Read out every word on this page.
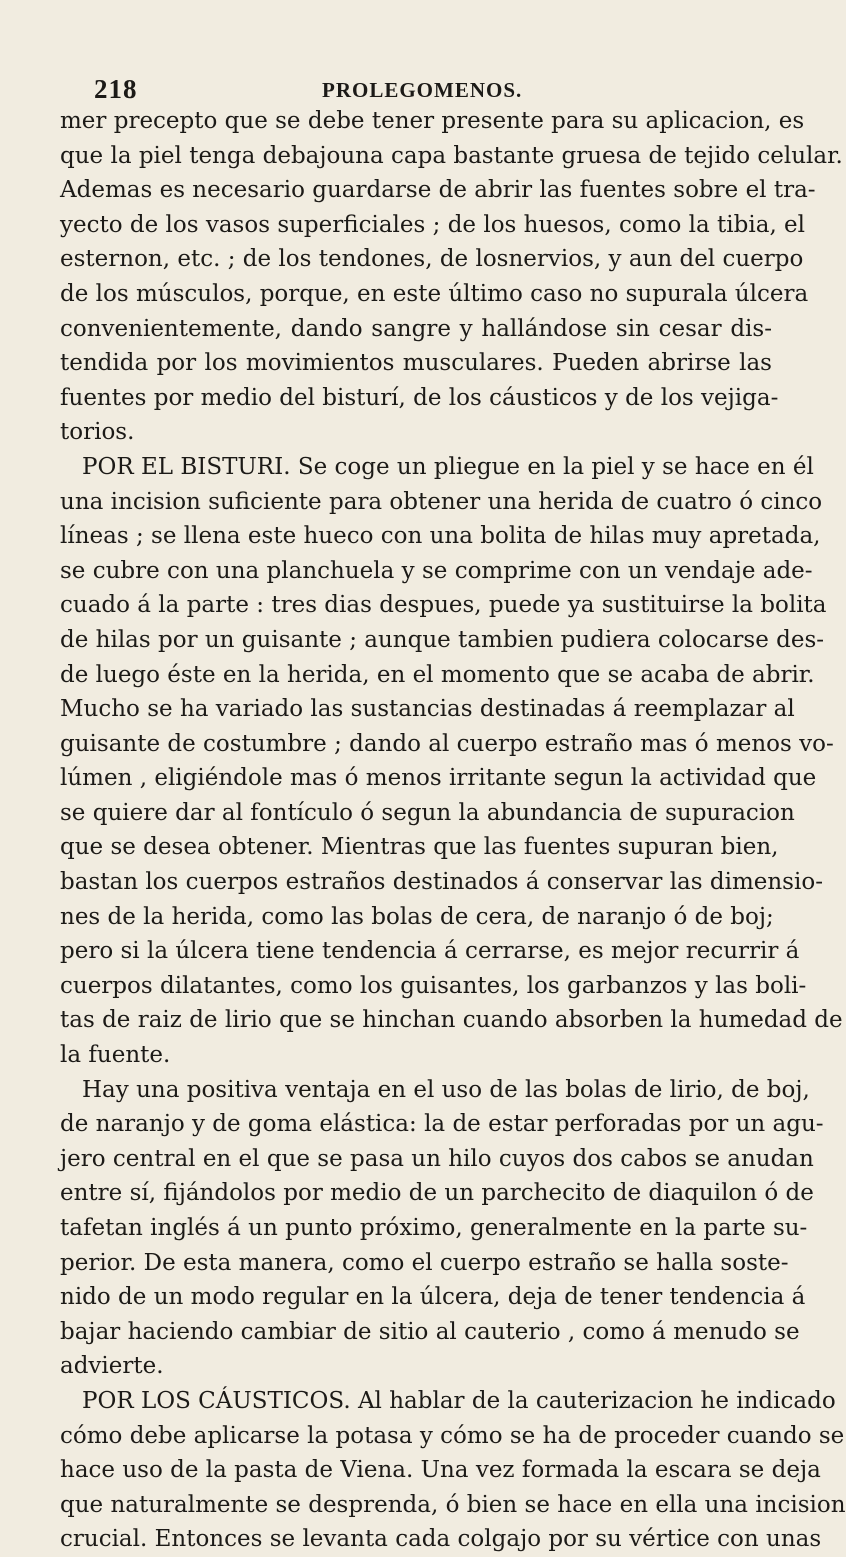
218	PROLEGOMENOS.
mer precepto que se debe tener presente para su aplicacion, es
que la piel tenga debajouna capa bastante gruesa de tejido celular.
Ademas es necesario guardarse de abrir las fuentes sobre el tra-
yecto de los vasos superficiales ; de los huesos, como la tibia, el
esternon, etc. ; de los tendones, de losnervios, y aun del cuerpo
de los músculos, porque, en este último caso no supurala úlcera
convenientemente, dando sangre y hallándose sin cesar dis-
tendida por los movimientos musculares. Pueden abrirse las
fuentes por medio del bisturí, de los cáusticos y de los vejiga-
torios.
POR EL BISTURI. Se coge un pliegue en la piel y se hace en él
una incision suficiente para obtener una herida de cuatro ó cinco
líneas ; se llena este hueco con una bolita de hilas muy apretada,
se cubre con una planchuela y se comprime con un vendaje ade-
cuado á la parte : tres dias despues, puede ya sustituirse la bolita
de hilas por un guisante ; aunque tambien pudiera colocarse des-
de luego éste en la herida, en el momento que se acaba de abrir.
Mucho se ha variado las sustancias destinadas á reemplazar al
guisante de costumbre ; dando al cuerpo estraño mas ó menos vo-
lúmen , eligiéndole mas ó menos irritante segun la actividad que
se quiere dar al fontículo ó segun la abundancia de supuracion
que se desea obtener. Mientras que las fuentes supuran bien,
bastan los cuerpos estraños destinados á conservar las dimensio-
nes de la herida, como las bolas de cera, de naranjo ó de boj;
pero si la úlcera tiene tendencia á cerrarse, es mejor recurrir á
cuerpos dilatantes, como los guisantes, los garbanzos y las boli-
tas de raiz de lirio que se hinchan cuando absorben la humedad de
la fuente.
Hay una positiva ventaja en el uso de las bolas de lirio, de boj,
de naranjo y de goma elástica: la de estar perforadas por un agu-
jero central en el que se pasa un hilo cuyos dos cabos se anudan
entre sí, fijándolos por medio de un parchecito de diaquilon ó de
tafetan inglés á un punto próximo, generalmente en la parte su-
perior. De esta manera, como el cuerpo estraño se halla soste-
nido de un modo regular en la úlcera, deja de tener tendencia á
bajar haciendo cambiar de sitio al cauterio , como á menudo se
advierte.
POR LOS CÁUSTICOS. Al hablar de la cauterizacion he indicado
cómo debe aplicarse la potasa y cómo se ha de proceder cuando se
hace uso de la pasta de Viena. Una vez formada la escara se deja
que naturalmente se desprenda, ó bien se hace en ella una incision
crucial. Entonces se levanta cada colgajo por su vértice con unas
